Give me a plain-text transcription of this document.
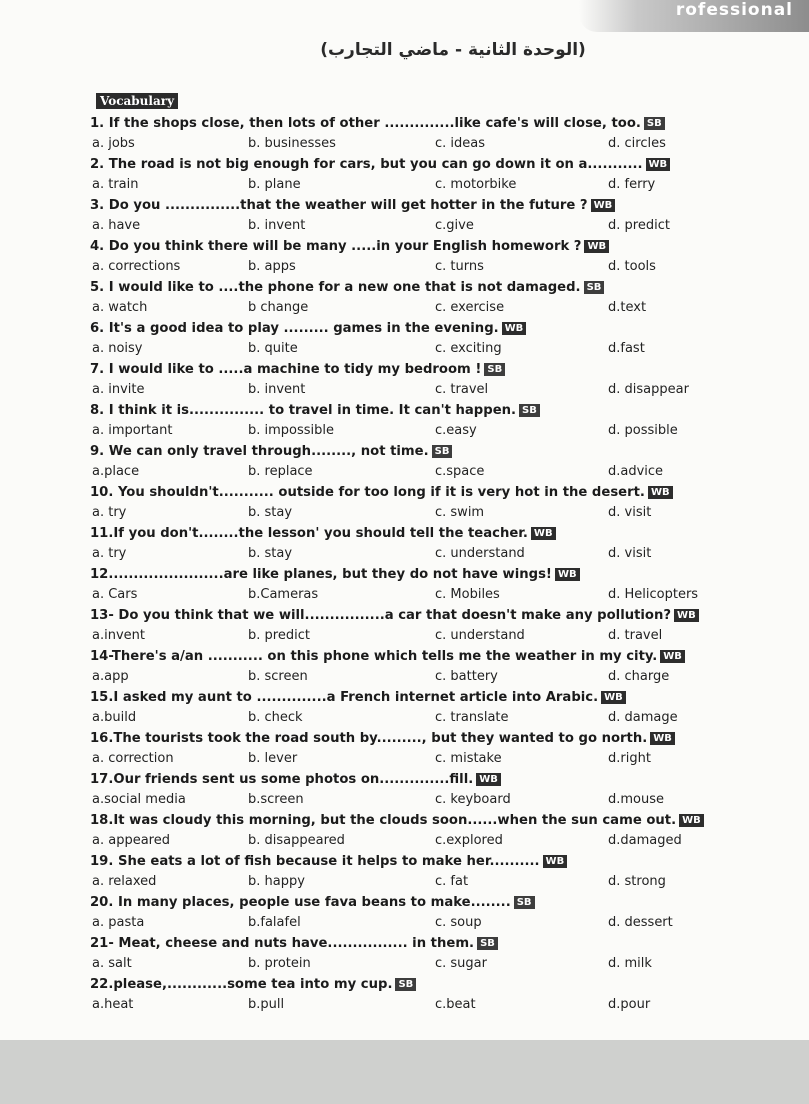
rofessional
(الوحدة الثانية - ماضي التجارب)
Vocabulary
1. If the shops close, then lots of other ..............like cafe's will close, too. SB
a. jobs	b. businesses	c. ideas	d. circles
2. The road is not big enough for cars, but you can go down it on a........... WB
a. train	b. plane	c. motorbike	d. ferry
3. Do you ...............that the weather will get hotter in the future ? WB
a. have	b. invent	c.give	d. predict
4. Do you think there will be many .....in your English homework ? WB
a. corrections	b. apps	c. turns	d. tools
5. I would like to ....the phone for a new one that is not damaged. SB
a. watch	b change	c. exercise	d.text
6. It's a good idea to play ......... games in the evening. WB
a. noisy	b. quite	c. exciting	d.fast
7. I would like to .....a machine to tidy my bedroom ! SB
a. invite	b. invent	c. travel	d. disappear
8. I think it is............... to travel in time. It can't happen. SB
a. important	b. impossible	c.easy	d. possible
9. We can only travel through........, not time. SB
a.place	b. replace	c.space	d.advice
10. You shouldn't........... outside for too long if it is very hot in the desert. WB
a. try	b. stay	c. swim	d. visit
11.If you don't........the lesson' you should tell the teacher. WB
a. try	b. stay	c. understand	d. visit
12.......................are like planes, but they do not have wings! WB
a. Cars	b.Cameras	c. Mobiles	d. Helicopters
13- Do you think that we will................a car that doesn't make any pollution? WB
a.invent	b. predict	c. understand	d. travel
14-There's a/an ........... on this phone which tells me the weather in my city. WB
a.app	b. screen	c. battery	d. charge
15.I asked my aunt to ..............a French internet article into Arabic. WB
a.build	b. check	c. translate	d. damage
16.The tourists took the road south by........., but they wanted to go north. WB
a. correction	b. lever	c. mistake	d.right
17.Our friends sent us some photos on..............fill. WB
a.social media	b.screen	c. keyboard	d.mouse
18.It was cloudy this morning, but the clouds soon......when the sun came out. WB
a. appeared	b. disappeared	c.explored	d.damaged
19. She eats a lot of fish because it helps to make her.......... WB
a. relaxed	b. happy	c. fat	d. strong
20. In many places, people use fava beans to make........ SB
a. pasta	b.falafel	c. soup	d. dessert
21- Meat, cheese and nuts have................ in them. SB
a. salt	b. protein	c. sugar	d. milk
22.please,............some tea into my cup. SB
a.heat	b.pull	c.beat	d.pour
